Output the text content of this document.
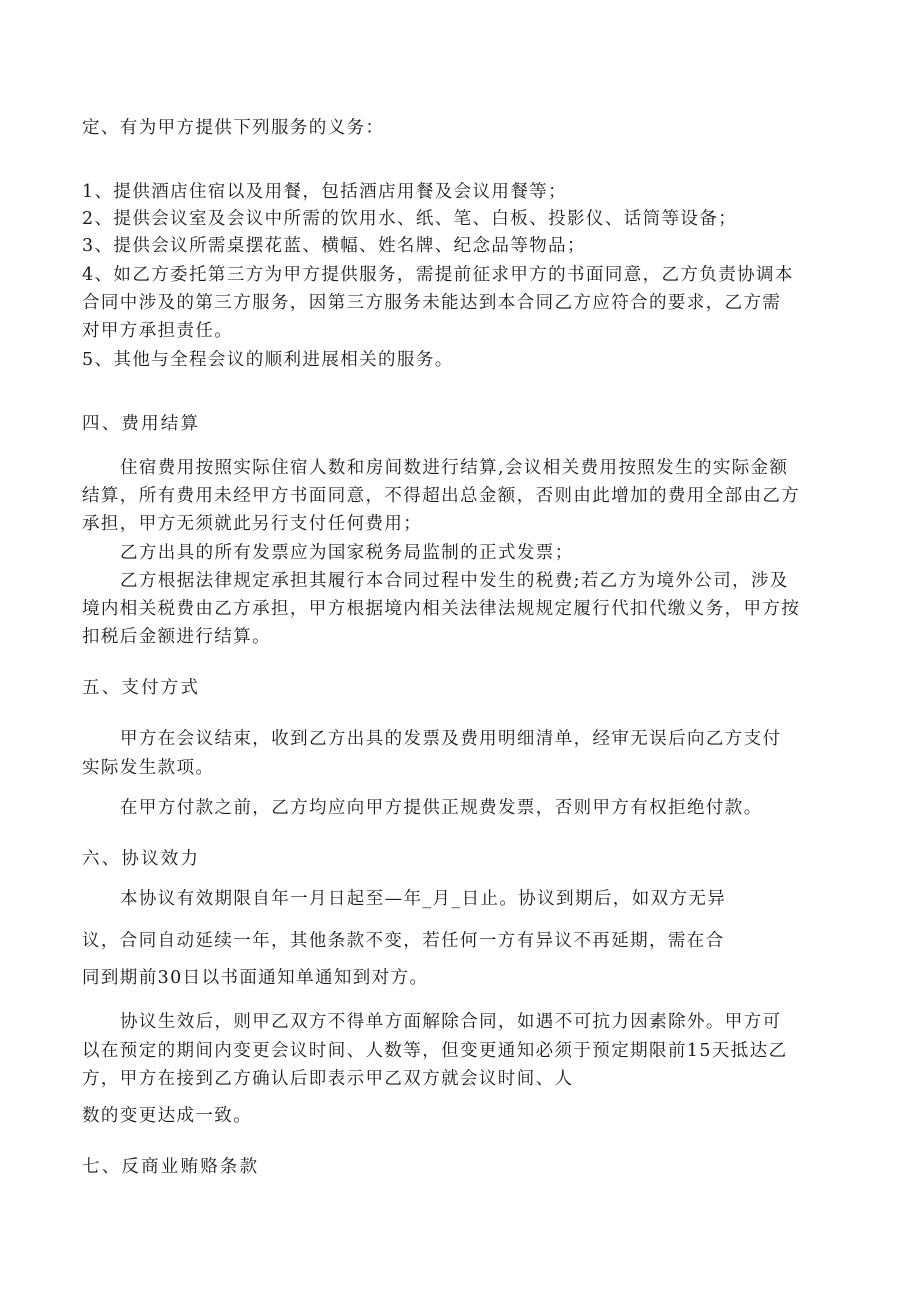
定、有为甲方提供下列服务的义务：

1、提供酒店住宿以及用餐，包括酒店用餐及会议用餐等；

2、提供会议室及会议中所需的饮用水、纸、笔、白板、投影仪、话筒等设备；

3、提供会议所需桌摆花蓝、横幅、姓名牌、纪念品等物品；

4、如乙方委托第三方为甲方提供服务，需提前征求甲方的书面同意，乙方负责协调本

合同中涉及的第三方服务，因第三方服务未能达到本合同乙方应符合的要求，乙方需

对甲方承担责任。

5、其他与全程会议的顺利进展相关的服务。

四、费用结算

住宿费用按照实际住宿人数和房间数进行结算,会议相关费用按照发生的实际金额

结算，所有费用未经甲方书面同意，不得超出总金额，否则由此增加的费用全部由乙方

承担，甲方无须就此另行支付任何费用；

乙方出具的所有发票应为国家税务局监制的正式发票；

乙方根据法律规定承担其履行本合同过程中发生的税费;若乙方为境外公司，涉及

境内相关税费由乙方承担，甲方根据境内相关法律法规规定履行代扣代缴义务，甲方按

扣税后金额进行结算。

五、支付方式

甲方在会议结束，收到乙方出具的发票及费用明细清单，经审无误后向乙方支付

实际发生款项。

在甲方付款之前，乙方均应向甲方提供正规费发票，否则甲方有权拒绝付款。

六、协议效力

本协议有效期限自年一月日起至—年_月_日止。协议到期后，如双方无异

议，合同自动延续一年，其他条款不变，若任何一方有异议不再延期，需在合

同到期前30日以书面通知单通知到对方。

协议生效后，则甲乙双方不得单方面解除合同，如遇不可抗力因素除外。甲方可

以在预定的期间内变更会议时间、人数等，但变更通知必须于预定期限前15天抵达乙

方，甲方在接到乙方确认后即表示甲乙双方就会议时间、人

数的变更达成一致。

七、反商业贿赂条款
